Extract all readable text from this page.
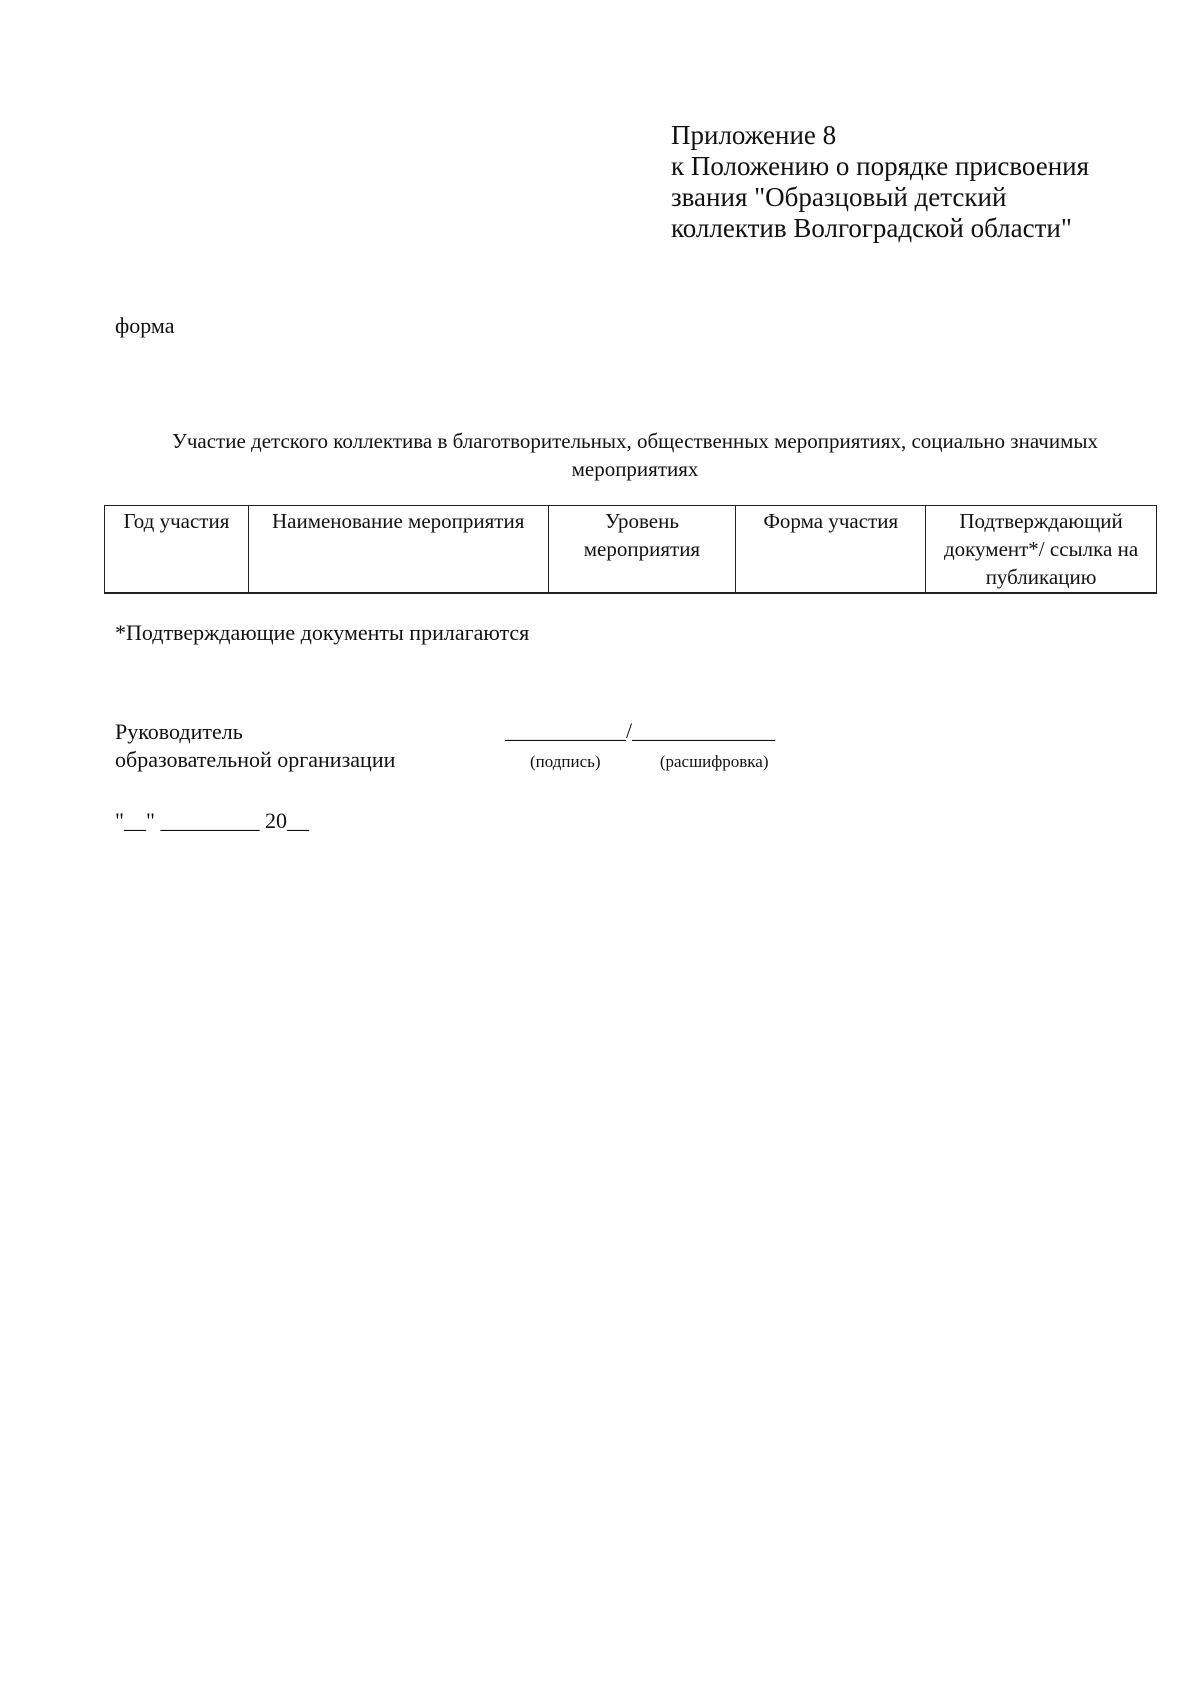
Приложение 8
к Положению о порядке присвоения
звания "Образцовый детский
коллектив Волгоградской области"
форма
Участие детского коллектива в благотворительных, общественных мероприятиях, социально значимых мероприятиях
Год участия	Наименование мероприятия	Уровень мероприятия	Форма участия	Подтверждающий документ*/ ссылка на публикацию
*Подтверждающие документы прилагаются
Руководитель
образовательной организации
___________/_____________
(подпись)	(расшифровка)
"__" _________ 20__
